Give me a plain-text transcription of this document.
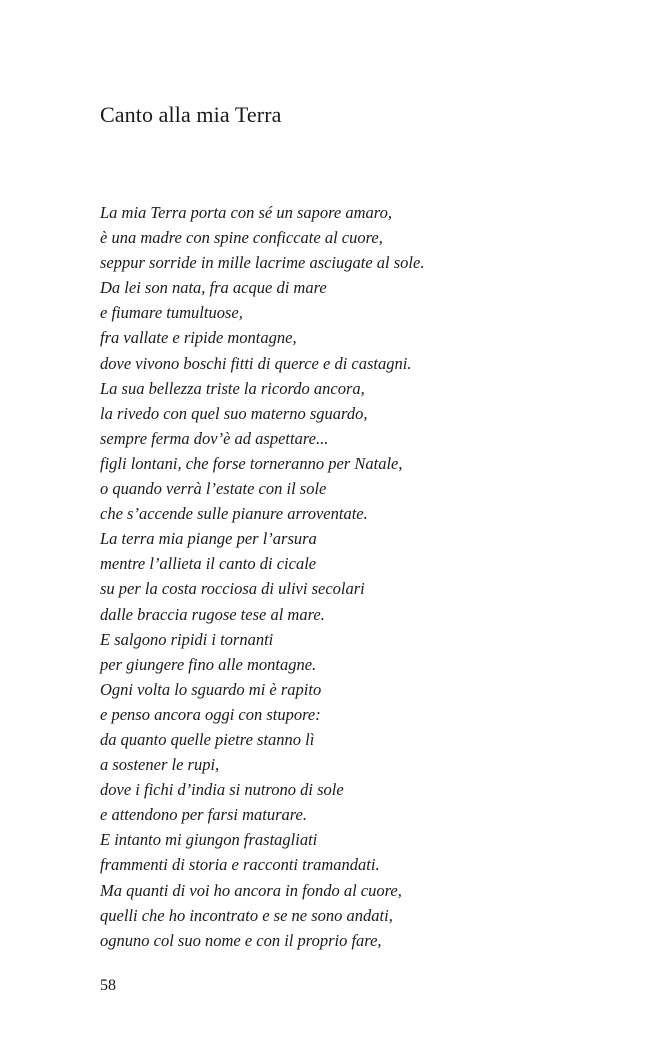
Canto alla mia Terra
La mia Terra porta con sé un sapore amaro,
è una madre con spine conficcate al cuore,
seppur sorride in mille lacrime asciugate al sole.
Da lei son nata, fra acque di mare
e fiumare tumultuose,
fra vallate e ripide montagne,
dove vivono boschi fitti di querce e di castagni.
La sua bellezza triste la ricordo ancora,
la rivedo con quel suo materno sguardo,
sempre ferma dov’è ad aspettare...
figli lontani, che forse torneranno per Natale,
o quando verrà l’estate con il sole
che s’accende sulle pianure arroventate.
La terra mia piange per l’arsura
mentre l’allieta il canto di cicale
su per la costa rocciosa di ulivi secolari
dalle braccia rugose tese al mare.
E salgono ripidi i tornanti
per giungere fino alle montagne.
Ogni volta lo sguardo mi è rapito
e penso ancora oggi con stupore:
da quanto quelle pietre stanno lì
a sostener le rupi,
dove i fichi d’india si nutrono di sole
e attendono per farsi maturare.
E intanto mi giungon frastagliati
frammenti di storia e racconti tramandati.
Ma quanti di voi ho ancora in fondo al cuore,
quelli che ho incontrato e se ne sono andati,
ognuno col suo nome e con il proprio fare,
58
